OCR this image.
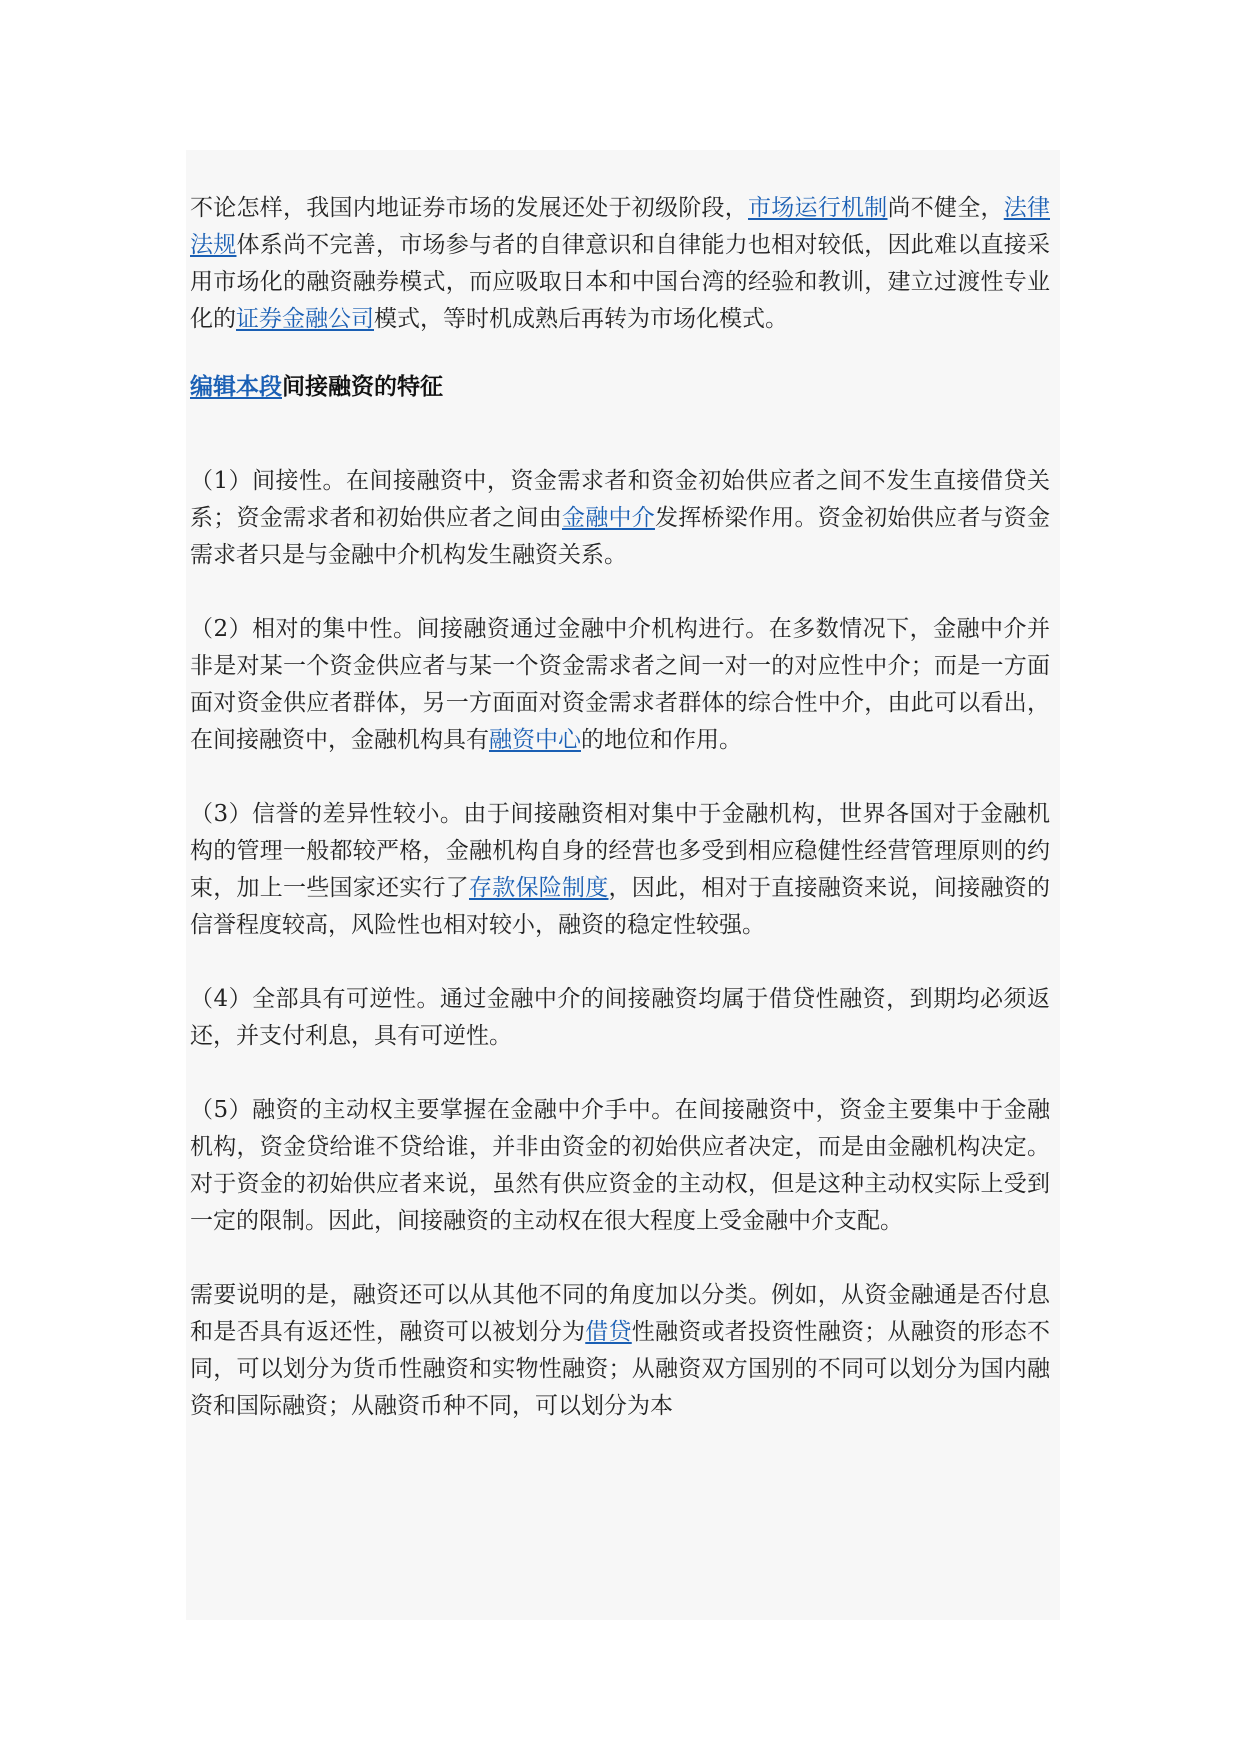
不论怎样，我国内地证券市场的发展还处于初级阶段，市场运行机制尚不健全，法律法规体系尚不完善，市场参与者的自律意识和自律能力也相对较低，因此难以直接采用市场化的融资融券模式，而应吸取日本和中国台湾的经验和教训，建立过渡性专业化的证券金融公司模式，等时机成熟后再转为市场化模式。

编辑本段间接融资的特征

（1）间接性。在间接融资中，资金需求者和资金初始供应者之间不发生直接借贷关系；资金需求者和初始供应者之间由金融中介发挥桥梁作用。资金初始供应者与资金需求者只是与金融中介机构发生融资关系。

（2）相对的集中性。间接融资通过金融中介机构进行。在多数情况下，金融中介并非是对某一个资金供应者与某一个资金需求者之间一对一的对应性中介；而是一方面面对资金供应者群体，另一方面面对资金需求者群体的综合性中介，由此可以看出，在间接融资中，金融机构具有融资中心的地位和作用。

（3）信誉的差异性较小。由于间接融资相对集中于金融机构，世界各国对于金融机构的管理一般都较严格，金融机构自身的经营也多受到相应稳健性经营管理原则的约束，加上一些国家还实行了存款保险制度，因此，相对于直接融资来说，间接融资的信誉程度较高，风险性也相对较小，融资的稳定性较强。

（4）全部具有可逆性。通过金融中介的间接融资均属于借贷性融资，到期均必须返还，并支付利息，具有可逆性。

（5）融资的主动权主要掌握在金融中介手中。在间接融资中，资金主要集中于金融机构，资金贷给谁不贷给谁，并非由资金的初始供应者决定，而是由金融机构决定。对于资金的初始供应者来说，虽然有供应资金的主动权，但是这种主动权实际上受到一定的限制。因此，间接融资的主动权在很大程度上受金融中介支配。

需要说明的是，融资还可以从其他不同的角度加以分类。例如，从资金融通是否付息和是否具有返还性，融资可以被划分为借贷性融资或者投资性融资；从融资的形态不同，可以划分为货币性融资和实物性融资；从融资双方国别的不同可以划分为国内融资和国际融资；从融资币种不同，可以划分为本
